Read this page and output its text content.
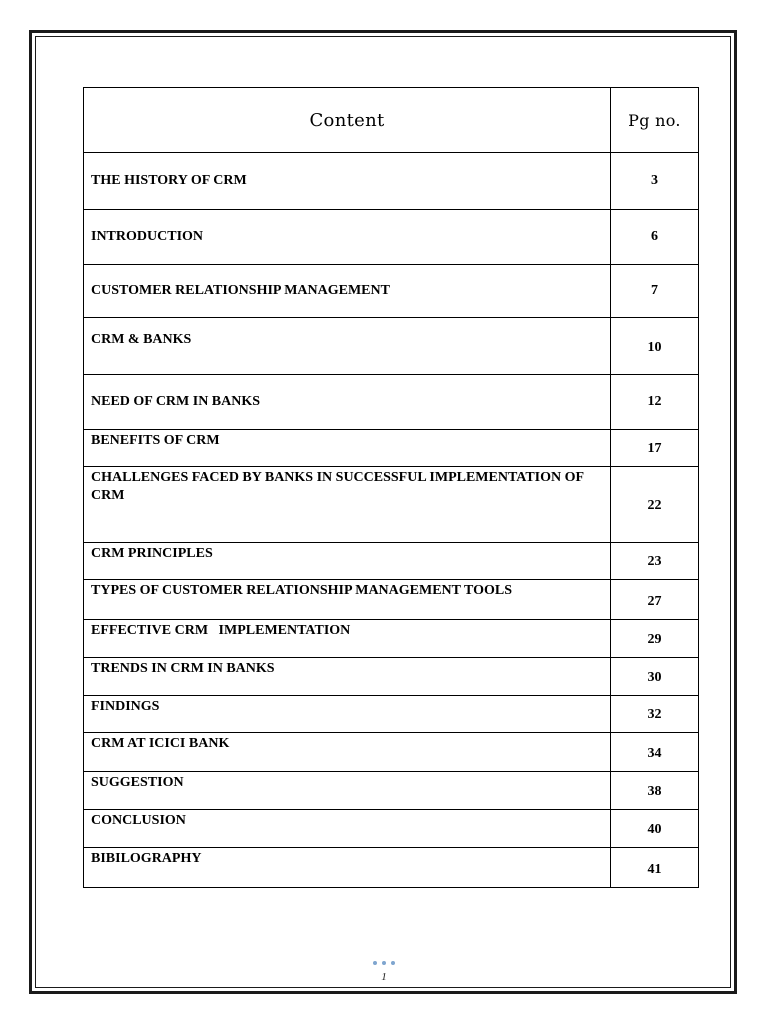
Content	Pg no.
THE HISTORY OF CRM	3
INTRODUCTION	6
CUSTOMER RELATIONSHIP MANAGEMENT	7
CRM & BANKS	10
NEED OF CRM IN BANKS	12
BENEFITS OF CRM	17
CHALLENGES FACED BY BANKS IN SUCCESSFUL IMPLEMENTATION OF CRM	22
CRM PRINCIPLES	23
TYPES OF CUSTOMER RELATIONSHIP MANAGEMENT TOOLS	27
EFFECTIVE CRM   IMPLEMENTATION	29
TRENDS IN CRM IN BANKS	30
FINDINGS	32
CRM AT ICICI BANK	34
SUGGESTION	38
CONCLUSION	40
BIBILOGRAPHY	41
1
